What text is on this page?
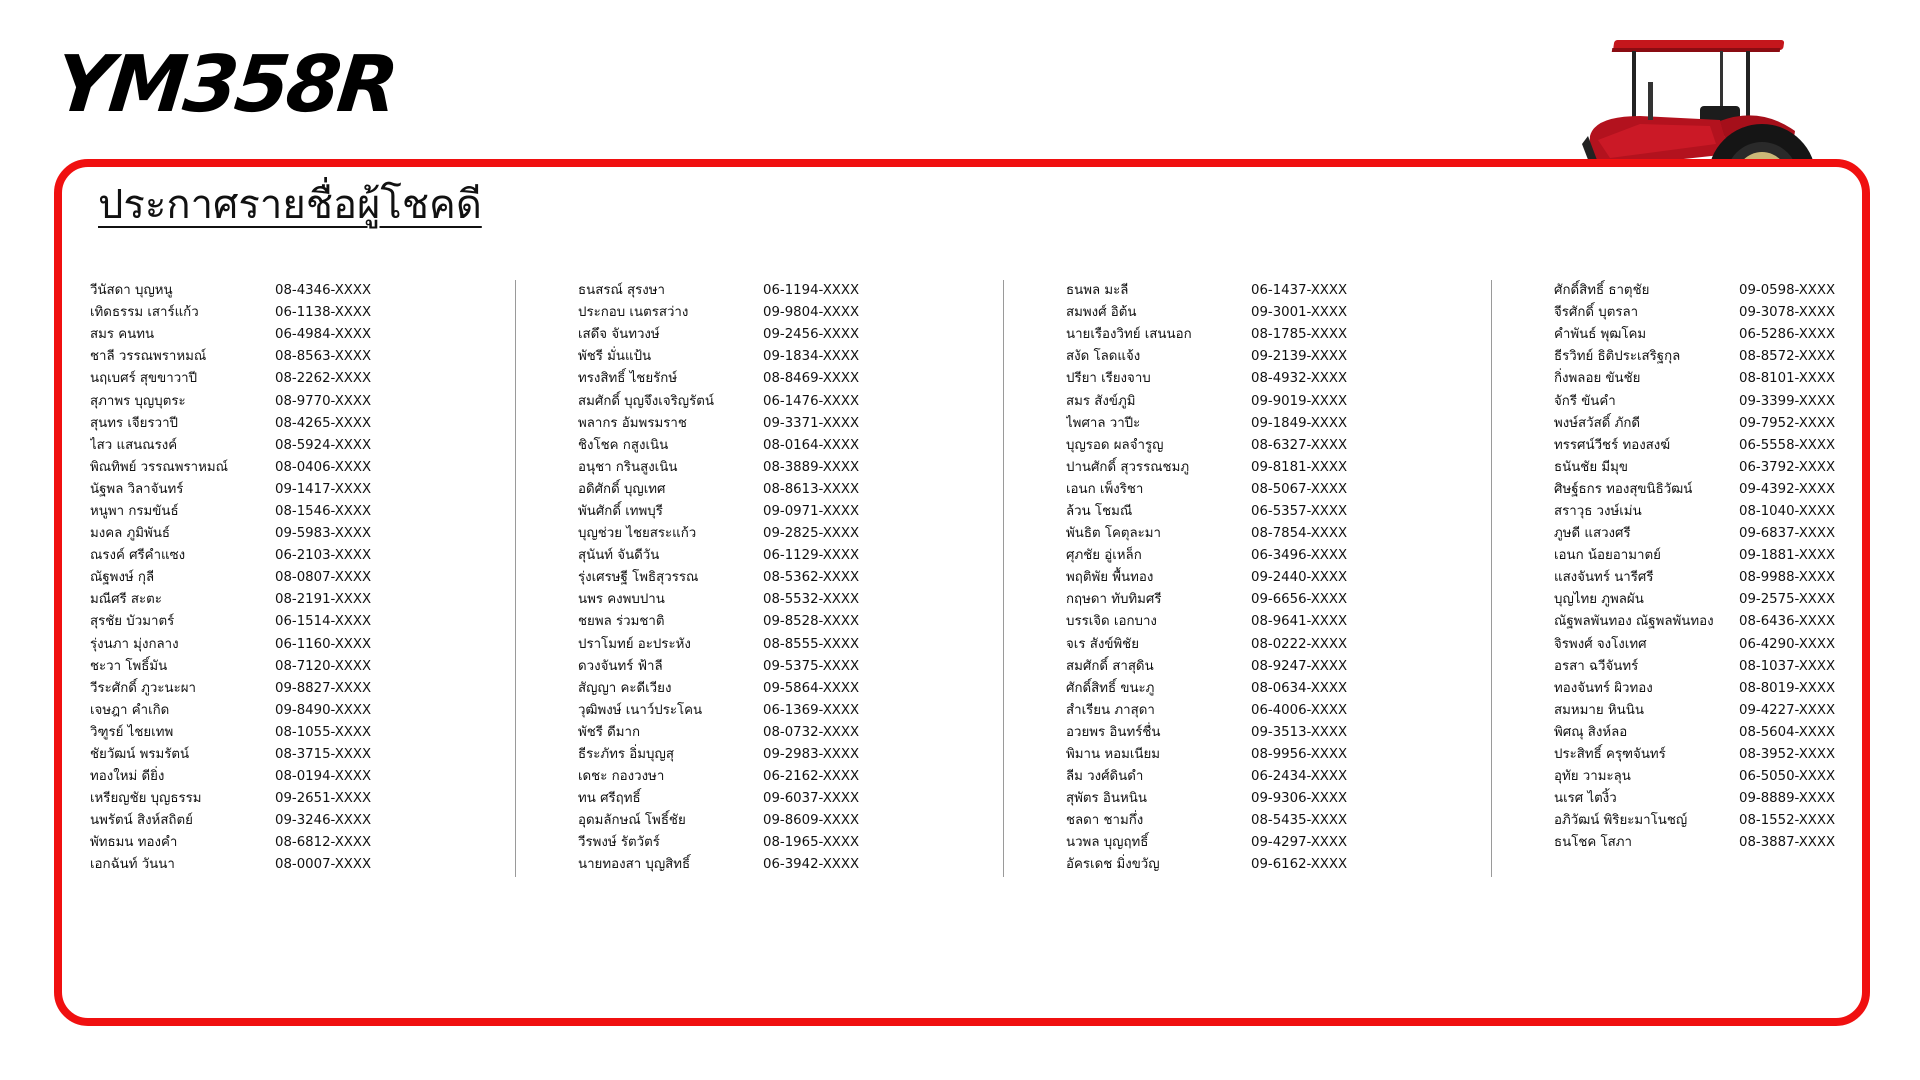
YM358R
ประกาศรายชื่อผู้โชคดี
วีนัสดา บุญหนู	08-4346-XXXX
เทิดธรรม เสาร์แก้ว	06-1138-XXXX
สมร คนทน	06-4984-XXXX
ชาลี วรรณพราหมณ์	08-8563-XXXX
นฤเบศร์ สุขขาวาปี	08-2262-XXXX
สุภาพร บุญบุตระ	08-9770-XXXX
สุนทร เจียรวาปี	08-4265-XXXX
ไสว แสนณรงค์	08-5924-XXXX
พิณทิพย์ วรรณพราหมณ์	08-0406-XXXX
นัฐพล วิลาจันทร์	09-1417-XXXX
หนูพา กรมขันธ์	08-1546-XXXX
มงคล ภูมิพันธ์	09-5983-XXXX
ณรงค์ ศรีคำแซง	06-2103-XXXX
ณัฐพงษ์ กุลี	08-0807-XXXX
มณีศรี สะตะ	08-2191-XXXX
สุรชัย บัวมาตร์	06-1514-XXXX
รุ่งนภา มุ่งกลาง	06-1160-XXXX
ชะวา โพธิ์มัน	08-7120-XXXX
วีระศักดิ์ ภูวะนะผา	09-8827-XXXX
เจษฎา คำเกิด	09-8490-XXXX
วิฑูรย์ ไชยเทพ	08-1055-XXXX
ชัยวัฒน์ พรมรัตน์	08-3715-XXXX
ทองใหม่ ดียิ่ง	08-0194-XXXX
เหรียญชัย บุญธรรม	09-2651-XXXX
นพรัตน์ สิงห์สถิตย์	09-3246-XXXX
พัทธมน ทองคำ	08-6812-XXXX
เอกฉันท์ วันนา	08-0007-XXXX
ธนสรณ์ สุรงษา	06-1194-XXXX
ประกอบ เนตรสว่าง	09-9804-XXXX
เสดึจ จันทวงษ์	09-2456-XXXX
พัชรี มั่นแป้น	09-1834-XXXX
ทรงสิทธิ์ ไชยรักษ์	08-8469-XXXX
สมศักดิ์ บุญจึงเจริญรัตน์	06-1476-XXXX
พลากร อัมพรมราช	09-3371-XXXX
ชิงโชค กสูงเนิน	08-0164-XXXX
อนุชา กรินสูงเนิน	08-3889-XXXX
อดิศักดิ์ บุญเทศ	08-8613-XXXX
พันศักดิ์ เทพบุรี	09-0971-XXXX
บุญช่วย ไชยสระแก้ว	09-2825-XXXX
สุนันท์ จันดีวัน	06-1129-XXXX
รุ่งเศรษฐี โพธิสุวรรณ	08-5362-XXXX
นพร คงพบปาน	08-5532-XXXX
ชยพล ร่วมชาติ	09-8528-XXXX
ปราโมทย์ อะประหัง	08-8555-XXXX
ดวงจันทร์ ฟ้าลี	09-5375-XXXX
สัญญา คะดีเวียง	09-5864-XXXX
วุฒิพงษ์ เนาว์ประโคน	06-1369-XXXX
พัชรี ดีมาก	08-0732-XXXX
ธีระภัทร อิ่มบุญสุ	09-2983-XXXX
เดชะ กองวงษา	06-2162-XXXX
ทน ศรีฤทธิ์	09-6037-XXXX
อุดมลักษณ์ โพธิ์ชัย	09-8609-XXXX
วีรพงษ์ รัตวัตร์	08-1965-XXXX
นายทองสา บุญสิทธิ์	06-3942-XXXX
ธนพล มะลี	06-1437-XXXX
สมพงศ์ อิต้น	09-3001-XXXX
นายเรืองวิทย์ เสนนอก	08-1785-XXXX
สงัด โลดแจ้ง	09-2139-XXXX
ปรียา เรียงจาบ	08-4932-XXXX
สมร สังข์ภูมิ	09-9019-XXXX
ไพศาล วาปีะ	09-1849-XXXX
บุญรอด ผลจำรูญ	08-6327-XXXX
ปานศักดิ์ สุวรรณชมภู	09-8181-XXXX
เอนก เพ็งริชา	08-5067-XXXX
ล้วน โชมณี	06-5357-XXXX
พันธิต โคตุละมา	08-7854-XXXX
ศุภชัย อู่เหล็ก	06-3496-XXXX
พฤติพัย พื้นทอง	09-2440-XXXX
กฤษดา ทับทิมศรี	09-6656-XXXX
บรรเจิด เอกบาง	08-9641-XXXX
จเร สังข์พิชัย	08-0222-XXXX
สมศักดิ์ สาสุดิน	08-9247-XXXX
ศักดิ์สิทธิ์ ขนะภู	08-0634-XXXX
สำเรียน ภาสุดา	06-4006-XXXX
อวยพร อินทร์ชื่น	09-3513-XXXX
พิมาน หอมเนียม	08-9956-XXXX
ลีม วงศ์ดินดำ	06-2434-XXXX
สุพัตร อินหนิน	09-9306-XXXX
ชลดา ชามกึ่ง	08-5435-XXXX
นวพล บุญฤทธิ์	09-4297-XXXX
อัครเดช มิ่งขวัญ	09-6162-XXXX
ศักดิ์สิทธิ์ ธาตุชัย	09-0598-XXXX
จีรศักดิ์ บุตรลา	09-3078-XXXX
คำพันธ์ พุฒโคม	06-5286-XXXX
ธีรวิทย์ ธิติประเสริฐกุล	08-8572-XXXX
กิ่งพลอย ขันชัย	08-8101-XXXX
จักรี ขันคำ	09-3399-XXXX
พงษ์สวัสดิ์ ภักดี	09-7952-XXXX
ทรรศน์วีชร์ ทองสงฆ์	06-5558-XXXX
ธนันชัย มีมุข	06-3792-XXXX
ศิษฐ์ธกร ทองสุขนิธิวัฒน์	09-4392-XXXX
สราวุธ วงษ์เม่น	08-1040-XXXX
ภูษดี แสวงศรี	09-6837-XXXX
เอนก น้อยอามาตย์	09-1881-XXXX
แสงจันทร์ นารีศรี	08-9988-XXXX
บุญไทย ภูพลผัน	09-2575-XXXX
ณัฐพลพันทอง ณัฐพลพันทอง	08-6436-XXXX
จิรพงศ์ จงโงเทศ	06-4290-XXXX
อรสา ฉวีจันทร์	08-1037-XXXX
ทองจันทร์ ผิวทอง	08-8019-XXXX
สมหมาย หินนิน	09-4227-XXXX
พิศณุ สิงห์ลอ	08-5604-XXXX
ประสิทธิ์ ครุฑจันทร์	08-3952-XXXX
อุทัย วามะลุน	06-5050-XXXX
นเรศ ไตงิ้ว	09-8889-XXXX
อภิวัฒน์ พิริยะมาโนชญ์	08-1552-XXXX
ธนโชค โสภา	08-3887-XXXX
